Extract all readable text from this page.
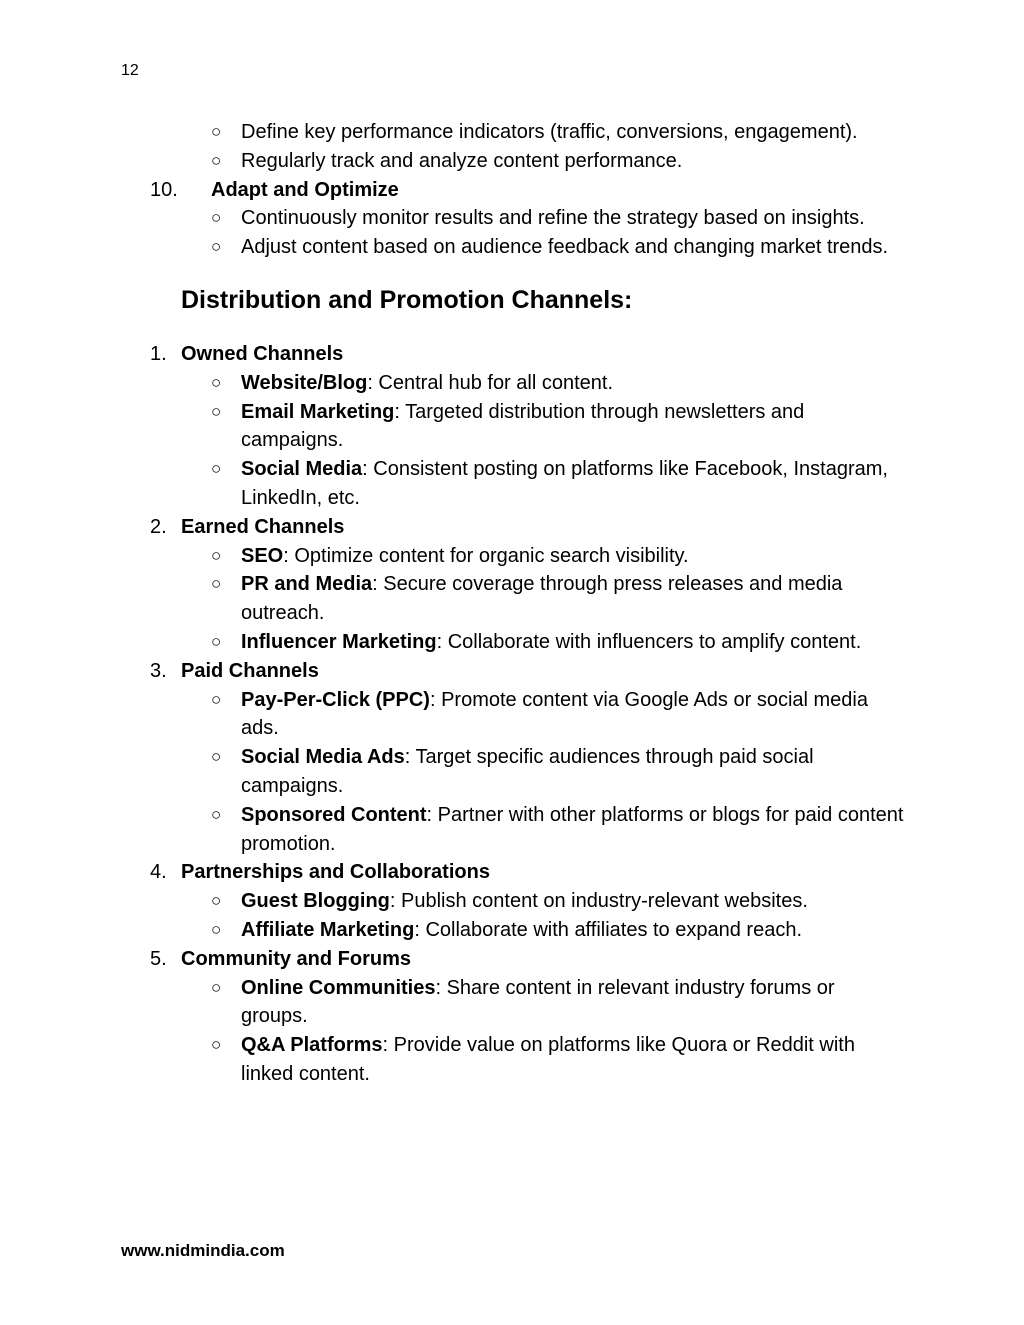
12
○ Define key performance indicators (traffic, conversions, engagement).
○ Regularly track and analyze content performance.
10. Adapt and Optimize
○ Continuously monitor results and refine the strategy based on insights.
○ Adjust content based on audience feedback and changing market trends.
Distribution and Promotion Channels:
1. Owned Channels
○ Website/Blog: Central hub for all content.
○ Email Marketing: Targeted distribution through newsletters and campaigns.
○ Social Media: Consistent posting on platforms like Facebook, Instagram, LinkedIn, etc.
2. Earned Channels
○ SEO: Optimize content for organic search visibility.
○ PR and Media: Secure coverage through press releases and media outreach.
○ Influencer Marketing: Collaborate with influencers to amplify content.
3. Paid Channels
○ Pay-Per-Click (PPC): Promote content via Google Ads or social media ads.
○ Social Media Ads: Target specific audiences through paid social campaigns.
○ Sponsored Content: Partner with other platforms or blogs for paid content promotion.
4. Partnerships and Collaborations
○ Guest Blogging: Publish content on industry-relevant websites.
○ Affiliate Marketing: Collaborate with affiliates to expand reach.
5. Community and Forums
○ Online Communities: Share content in relevant industry forums or groups.
○ Q&A Platforms: Provide value on platforms like Quora or Reddit with linked content.
www.nidmindia.com
